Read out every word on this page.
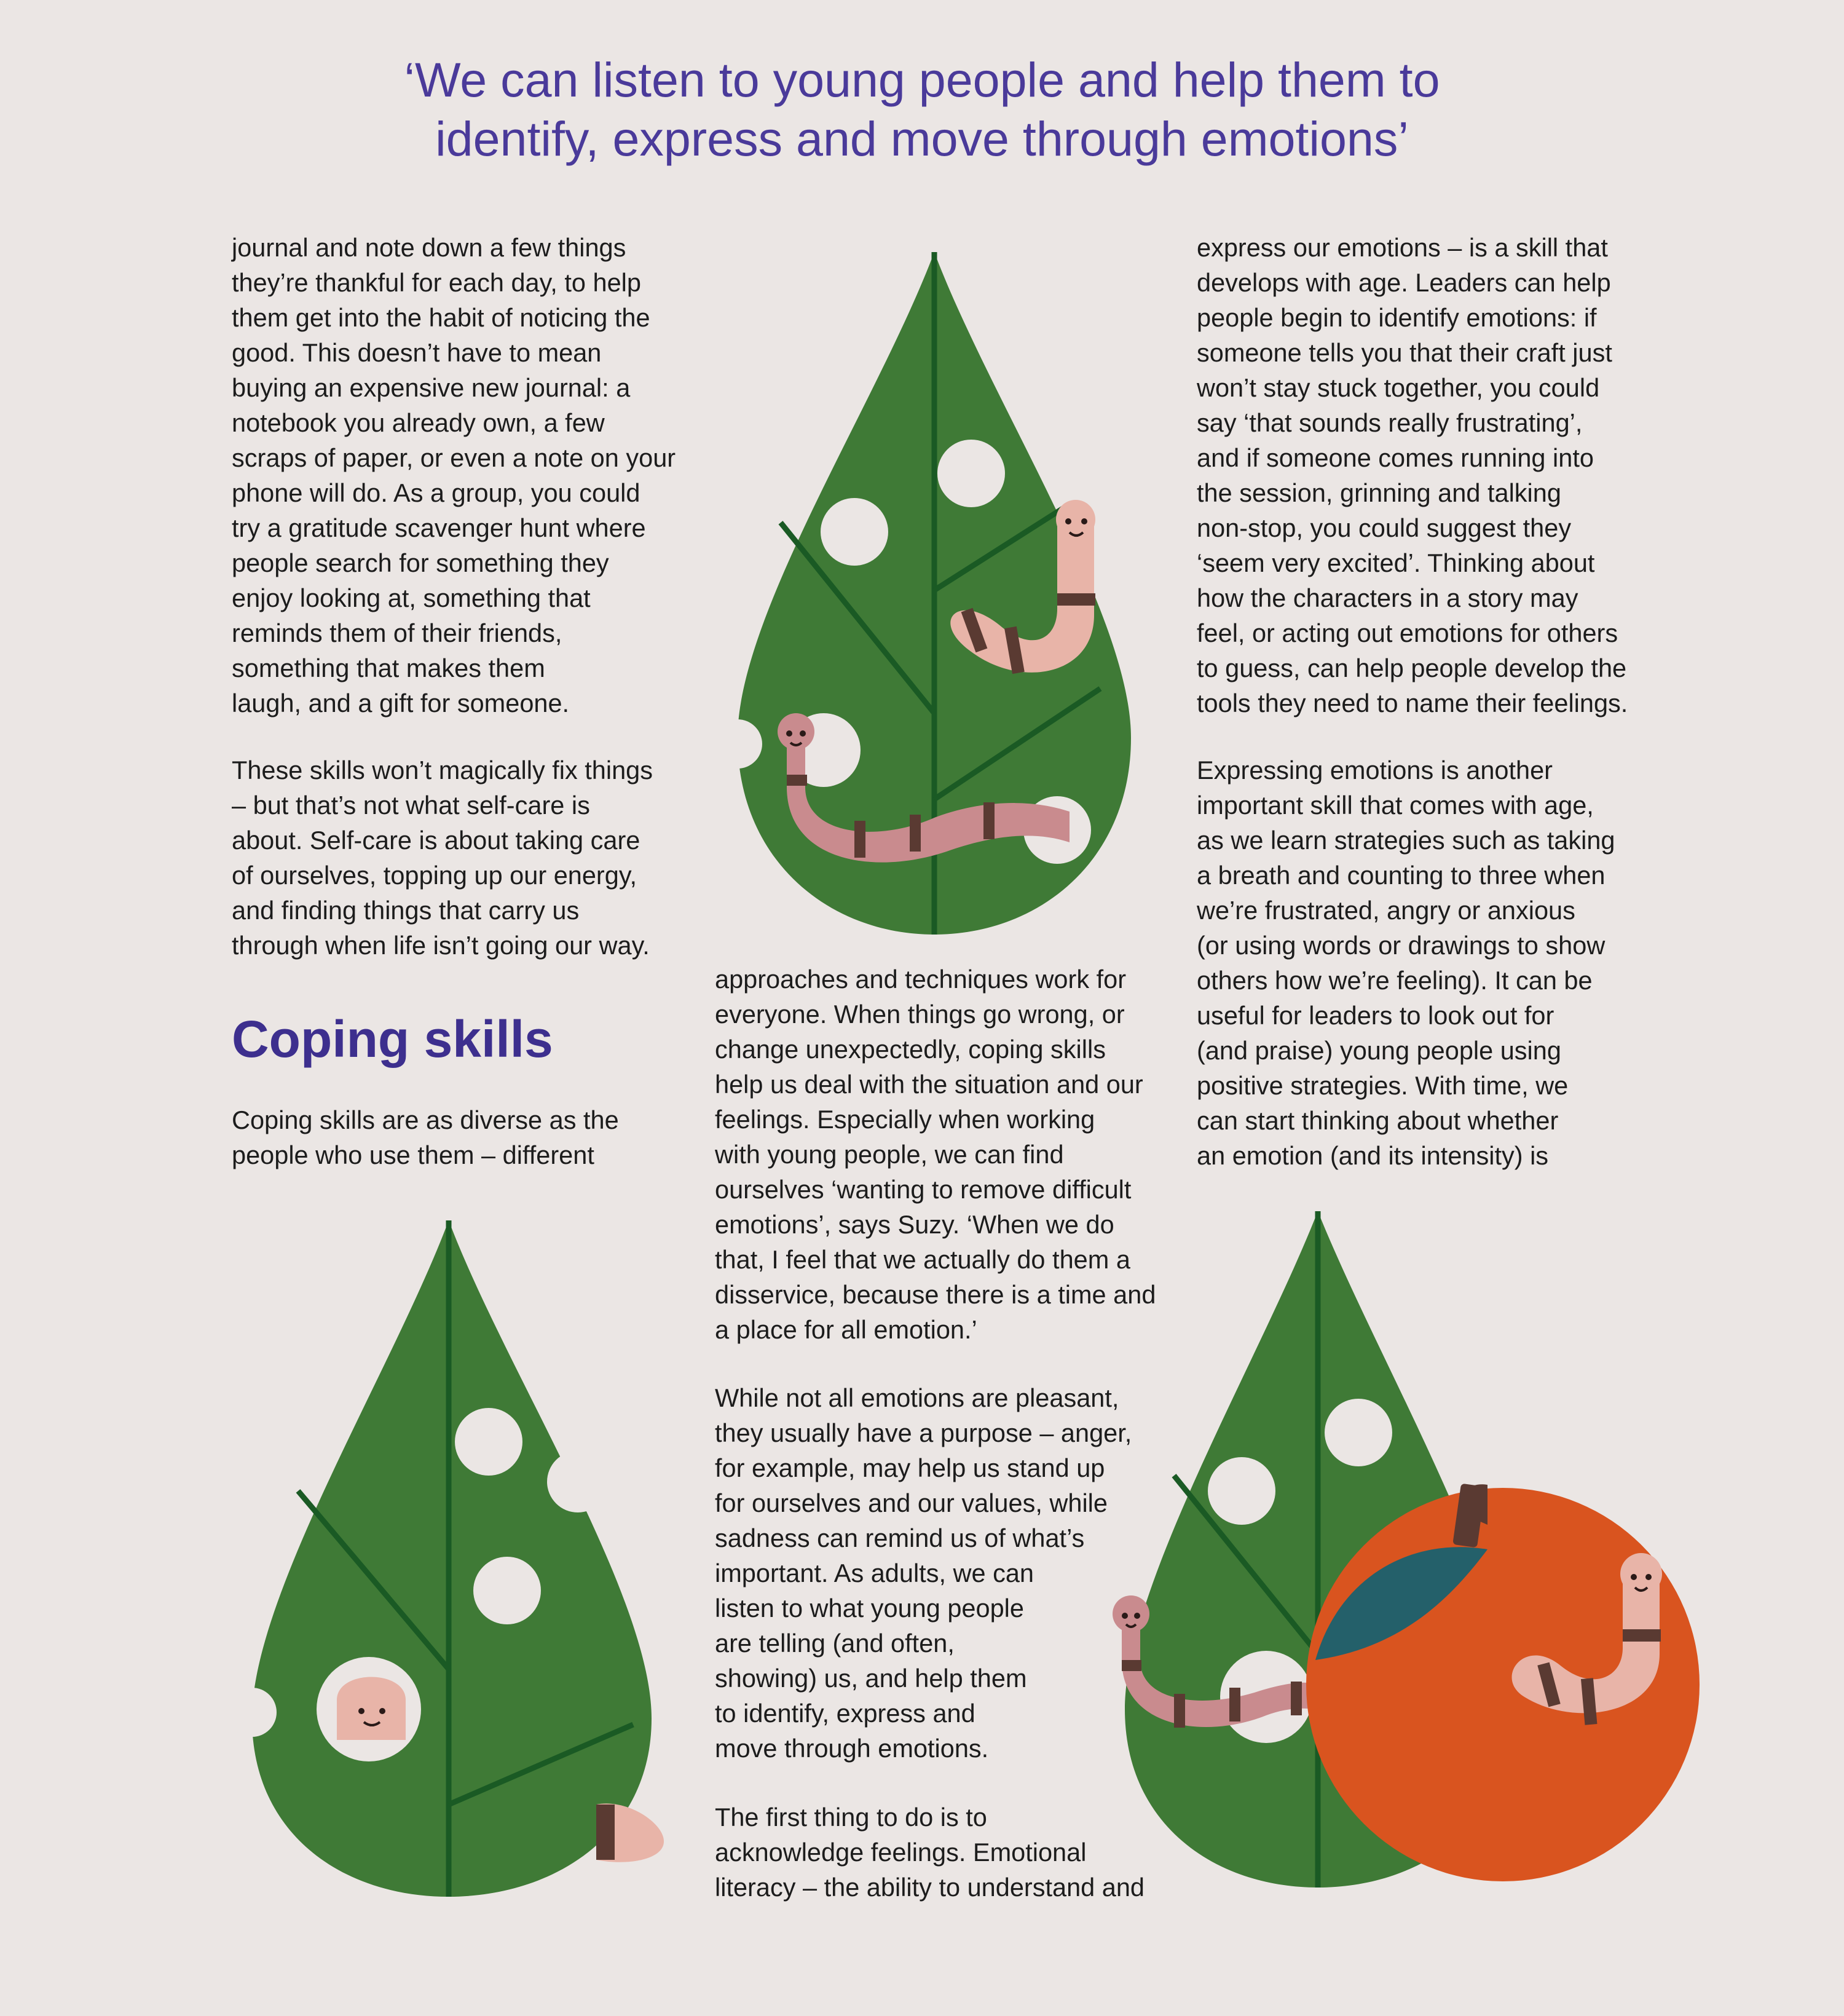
‘We can listen to young people and help them to
identify, express and move through emotions’
journal and note down a few things
they’re thankful for each day, to help
them get into the habit of noticing the
good. This doesn’t have to mean
buying an expensive new journal: a
notebook you already own, a few
scraps of paper, or even a note on your
phone will do. As a group, you could
try a gratitude scavenger hunt where
people search for something they
enjoy looking at, something that
reminds them of their friends,
something that makes them
laugh, and a gift for someone.
These skills won’t magically fix things
– but that’s not what self-care is
about. Self-care is about taking care
of ourselves, topping up our energy,
and finding things that carry us
through when life isn’t going our way.
Coping skills
Coping skills are as diverse as the
people who use them – different
approaches and techniques work for
everyone. When things go wrong, or
change unexpectedly, coping skills
help us deal with the situation and our
feelings. Especially when working
with young people, we can find
ourselves ‘wanting to remove difficult
emotions’, says Suzy. ‘When we do
that, I feel that we actually do them a
disservice, because there is a time and
a place for all emotion.’
While not all emotions are pleasant,
they usually have a purpose – anger,
for example, may help us stand up
for ourselves and our values, while
sadness can remind us of what’s
important. As adults, we can
listen to what young people
are telling (and often,
showing) us, and help them
to identify, express and
move through emotions.
The first thing to do is to
acknowledge feelings. Emotional
literacy – the ability to understand and
express our emotions – is a skill that
develops with age. Leaders can help
people begin to identify emotions: if
someone tells you that their craft just
won’t stay stuck together, you could
say ‘that sounds really frustrating’,
and if someone comes running into
the session, grinning and talking
non-stop, you could suggest they
‘seem very excited’. Thinking about
how the characters in a story may
feel, or acting out emotions for others
to guess, can help people develop the
tools they need to name their feelings.
Expressing emotions is another
important skill that comes with age,
as we learn strategies such as taking
a breath and counting to three when
we’re frustrated, angry or anxious
(or using words or drawings to show
others how we’re feeling). It can be
useful for leaders to look out for
(and praise) young people using
positive strategies. With time, we
can start thinking about whether
an emotion (and its intensity) is
